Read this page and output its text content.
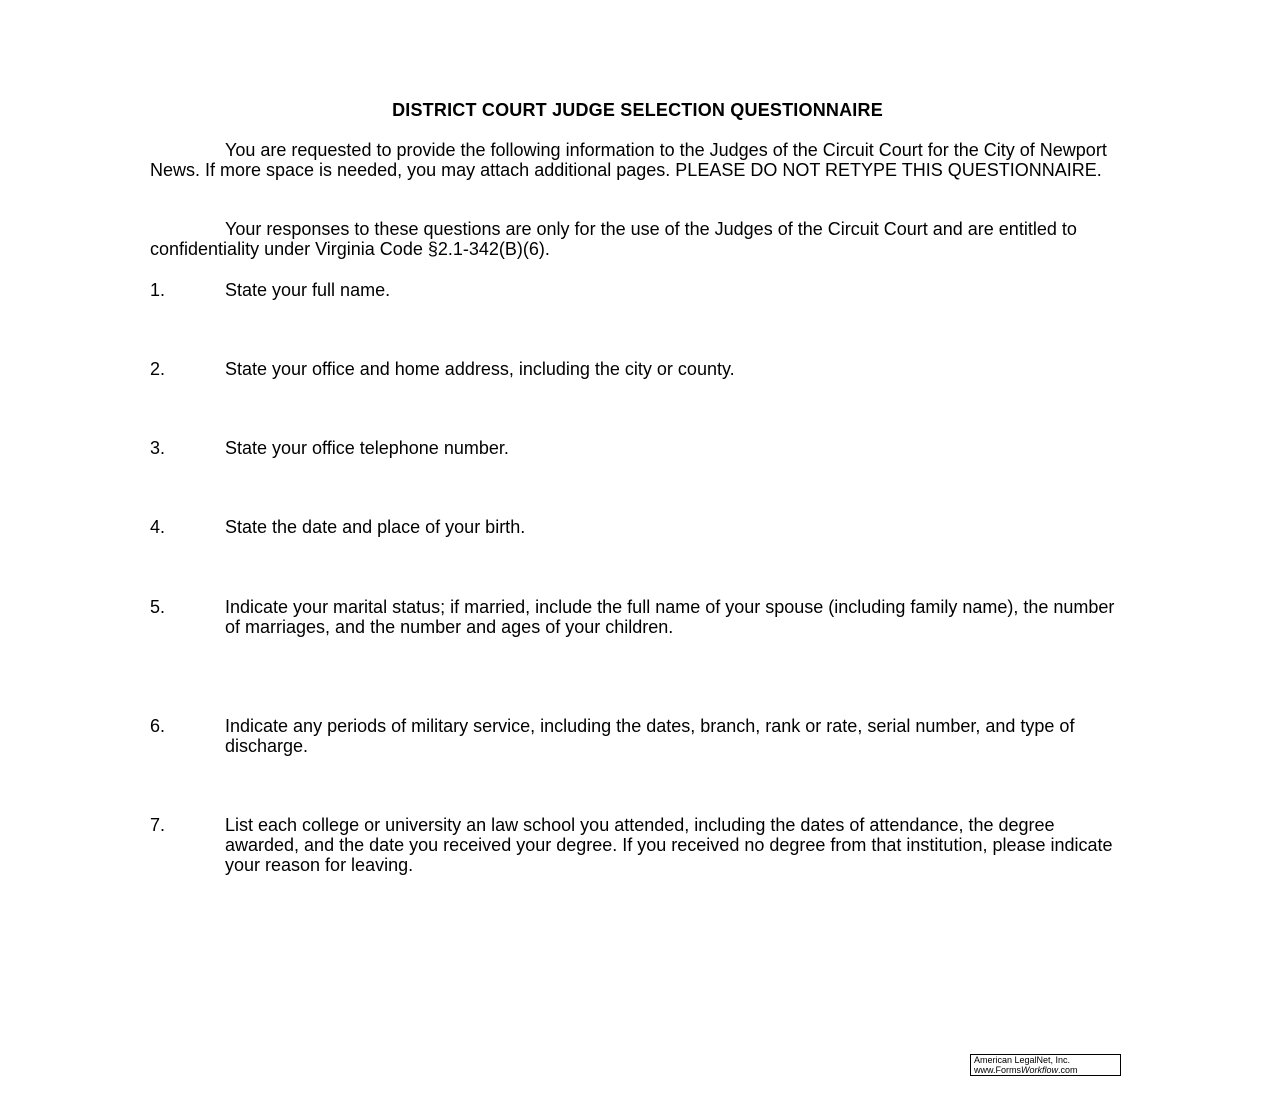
DISTRICT COURT JUDGE SELECTION QUESTIONNAIRE

You are requested to provide the following information to the Judges of the Circuit Court for the City of Newport News. If more space is needed, you may attach additional pages. PLEASE DO NOT RETYPE THIS QUESTIONNAIRE.

Your responses to these questions are only for the use of the Judges of the Circuit Court and are entitled to confidentiality under Virginia Code §2.1-342(B)(6).

1.	State your full name.
2.	State your office and home address, including the city or county.
3.	State your office telephone number.
4.	State the date and place of your birth.
5.	Indicate your marital status; if married, include the full name of your spouse (including family name), the number of marriages, and the number and ages of your children.
6.	Indicate any periods of military service, including the dates, branch, rank or rate, serial number, and type of discharge.
7.	List each college or university an law school you attended, including the dates of attendance, the degree awarded, and the date you received your degree. If you received no degree from that institution, please indicate your reason for leaving.
American LegalNet, Inc.
www.FormsWorkflow.com
